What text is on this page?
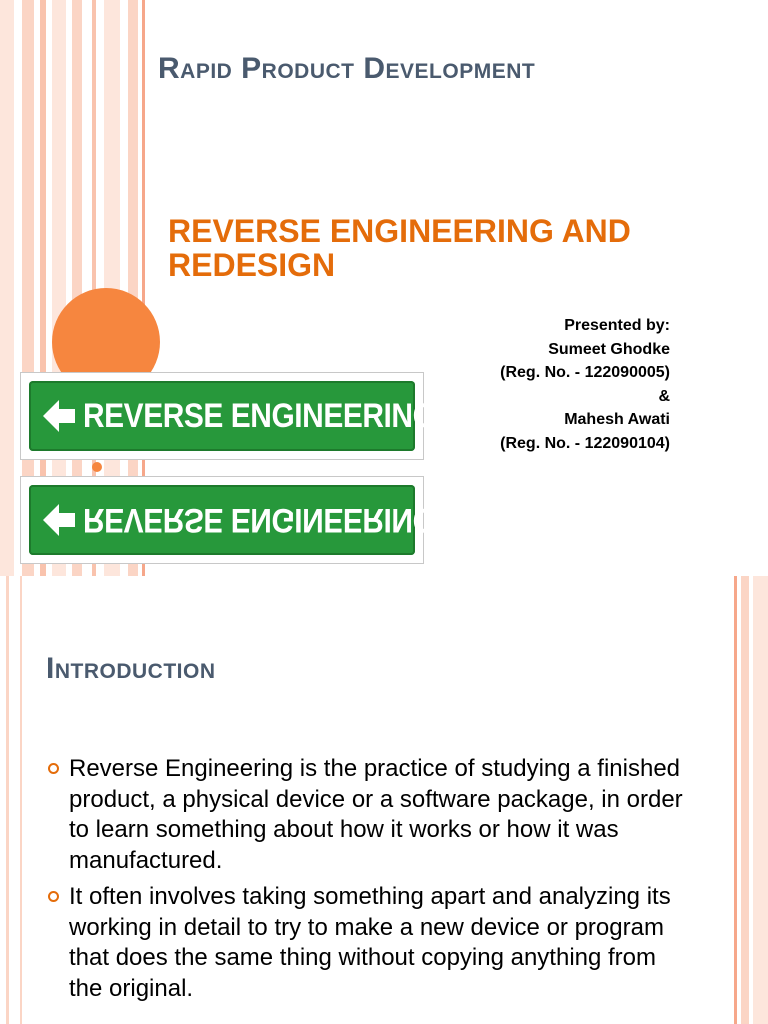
Rapid Product Development
REVERSE ENGINEERING AND REDESIGN
Presented by:
Sumeet Ghodke
(Reg. No. - 122090005)
&
Mahesh Awati
(Reg. No. - 122090104)
REVERSE ENGINEERING
REVERSE ENGINEERING
Introduction
Reverse Engineering is the practice of studying a finished product, a physical device or a software package, in order to learn something about how it works or how it was manufactured.
It often involves taking something apart and analyzing its working in detail to try to make a new device or program that does the same thing without copying anything from the original.
